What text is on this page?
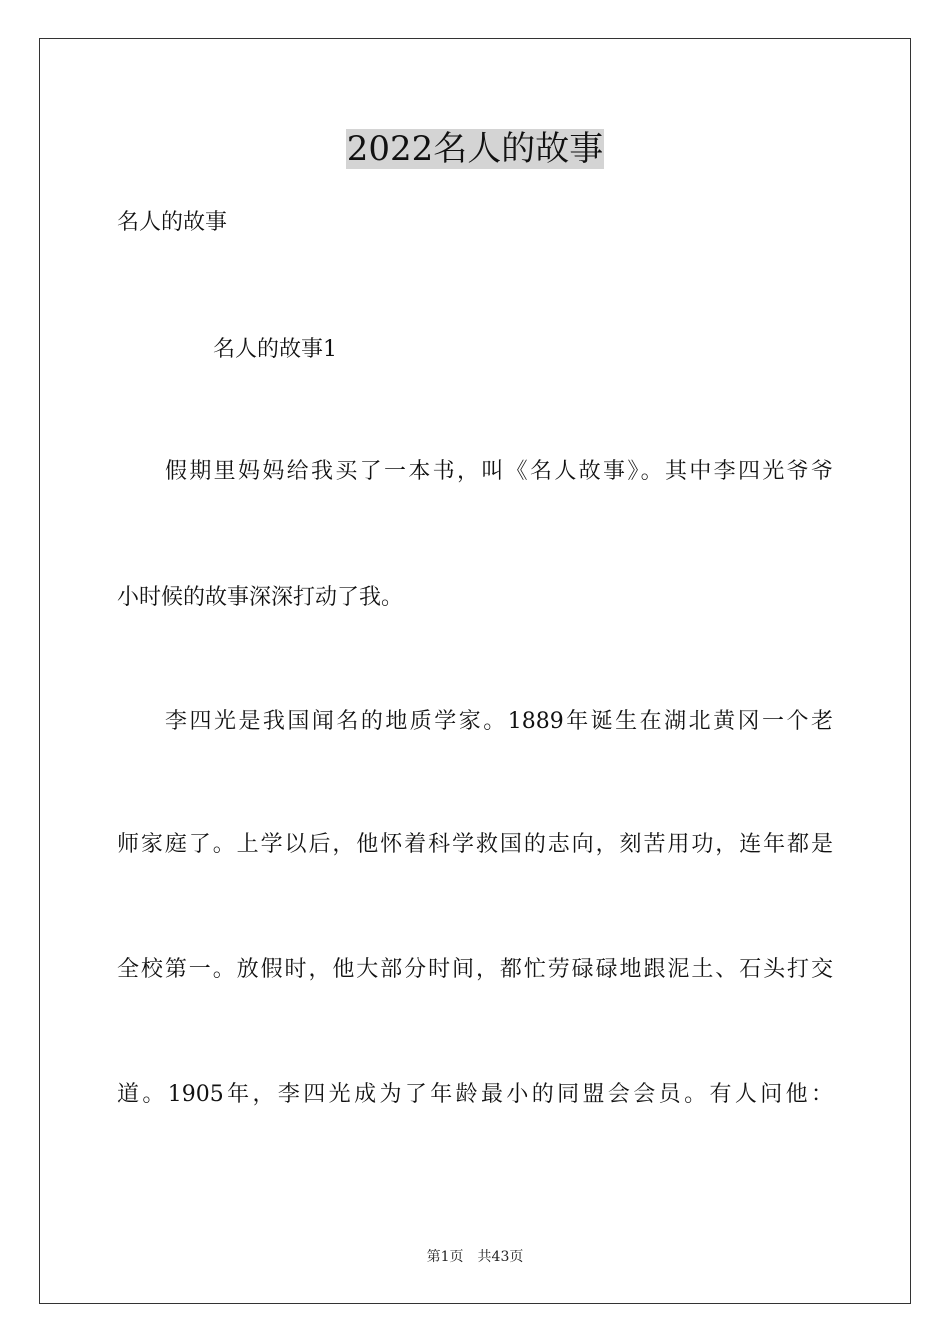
2022名人的故事
名人的故事
名人的故事1
假期里妈妈给我买了一本书，叫《名人故事》。其中李四光爷爷
小时候的故事深深打动了我。
李四光是我国闻名的地质学家。1889年诞生在湖北黄冈一个老
师家庭了。上学以后，他怀着科学救国的志向，刻苦用功，连年都是
全校第一。放假时，他大部分时间，都忙劳碌碌地跟泥土、石头打交
道。1905年，李四光成为了年龄最小的同盟会会员。有人问他：
第1页　共43页
